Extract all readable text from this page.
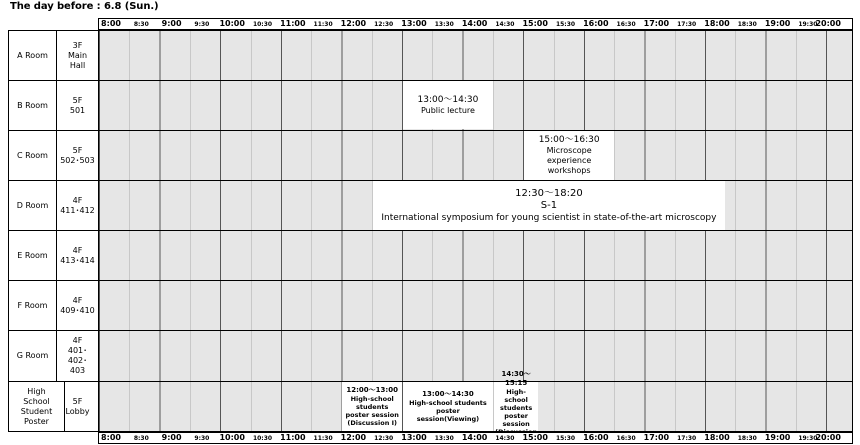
The day before : 6.8 (Sun.)
8:00 8:30 9:00 9:30 10:00 10:30 11:00 11:30 12:00 12:30 13:00 13:30 14:00 14:30 15:00 15:30 16:00 16:30 17:00 17:30 18:00 18:30 19:00 19:30
20:00
A Room
3F
Main Hall
B Room
5F
501
13:00～14:30
Public lecture
C Room
5F
502･503
15:00～16:30
Microscope experience workshops
D Room
4F
411･412
12:30～18:20
S-1
International symposium for young scientist in state-of-the-art microscopy
E Room
4F
413･414
F Room
4F
409･410
G Room
4F
401･402･403
High School Student Poster
5F
Lobby
12:00～13:00
High-school students poster session (Discussion I)
13:00～14:30
High-school students poster session(Viewing)
14:30～15:15
High-school students poster session
8:00 8:30 9:00 9:30 10:00 10:30 11:00 11:30 12:00 12:30 13:00 13:30 14:00 14:30 15:00 15:30 16:00 16:30 17:00 17:30 18:00 18:30 19:00 19:30
20:00
